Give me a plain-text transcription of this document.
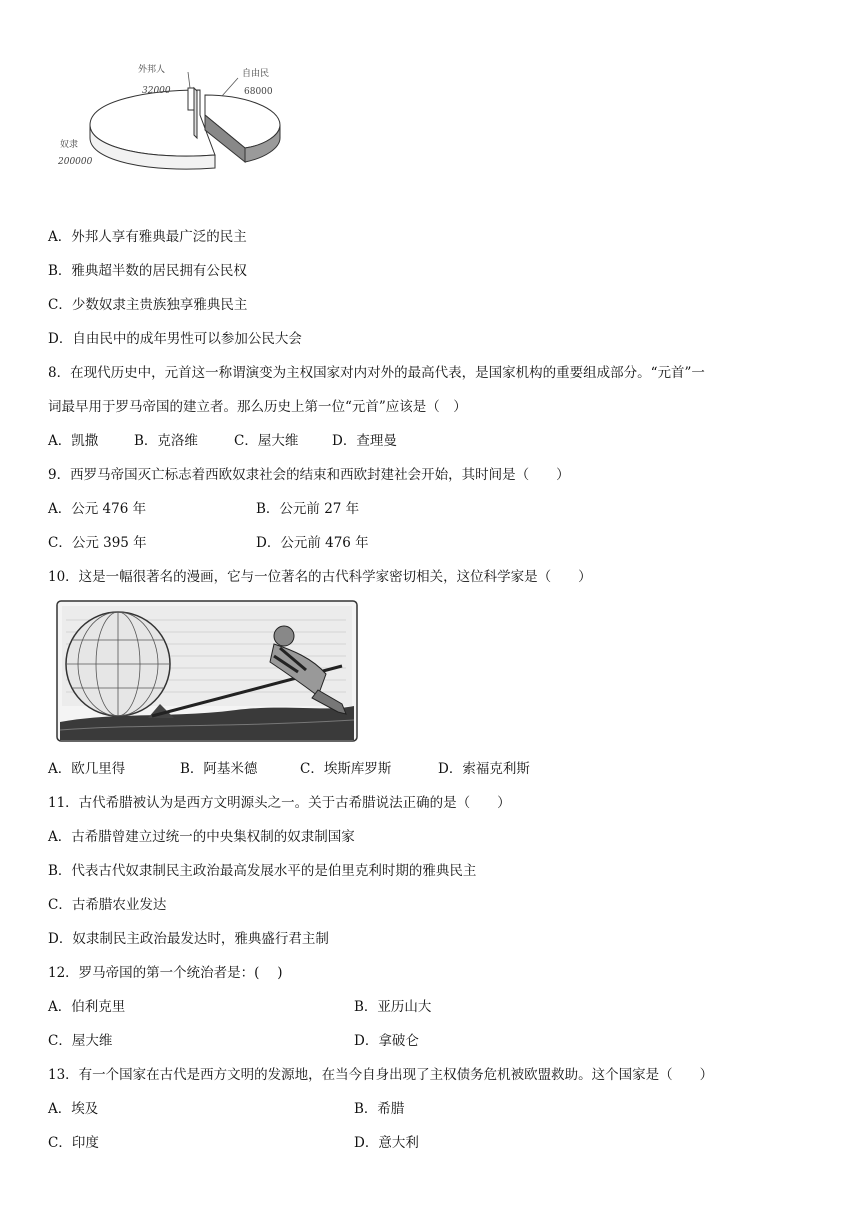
外邦人
32000
自由民
68000
奴隶
200000
A．外邦人享有雅典最广泛的民主
B．雅典超半数的居民拥有公民权
C．少数奴隶主贵族独享雅典民主
D．自由民中的成年男性可以参加公民大会
8．在现代历史中，元首这一称谓演变为主权国家对内对外的最高代表，是国家机构的重要组成部分。“元首”一
词最早用于罗马帝国的建立者。那么历史上第一位“元首”应该是（　）
A．凯撒	B．克洛维	C．屋大维 D．查理曼
9．西罗马帝国灭亡标志着西欧奴隶社会的结束和西欧封建社会开始，其时间是（　　）
A．公元 476 年	B．公元前 27 年
C．公元 395 年	D．公元前 476 年
10．这是一幅很著名的漫画，它与一位著名的古代科学家密切相关，这位科学家是（　　）
A．欧几里得	B．阿基米德	C．埃斯库罗斯	D．索福克利斯
11．古代希腊被认为是西方文明源头之一。关于古希腊说法正确的是（　　）
A．古希腊曾建立过统一的中央集权制的奴隶制国家
B．代表古代奴隶制民主政治最高发展水平的是伯里克利时期的雅典民主
C．古希腊农业发达
D．奴隶制民主政治最发达时，雅典盛行君主制
12．罗马帝国的第一个统治者是：(　 )
A．伯利克里	B．亚历山大
C．屋大维	D．拿破仑
13．有一个国家在古代是西方文明的发源地，在当今自身出现了主权债务危机被欧盟救助。这个国家是（　　）
A．埃及	B．希腊
C．印度	D．意大利
